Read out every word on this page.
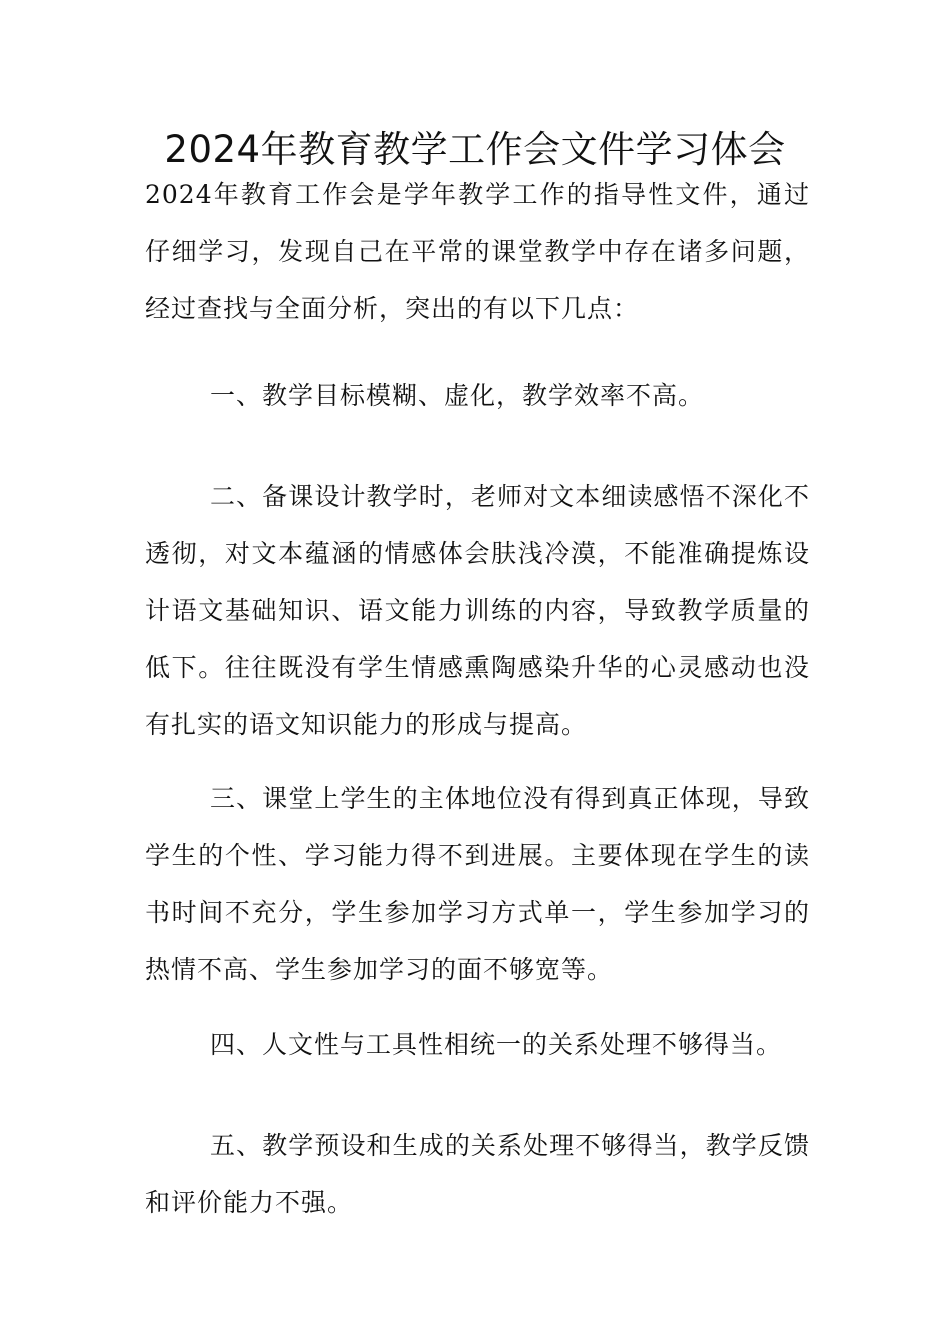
2024年教育教学工作会文件学习体会

2024年教育工作会是学年教学工作的指导性文件，通过仔细学习，发现自己在平常的课堂教学中存在诸多问题，经过查找与全面分析，突出的有以下几点：

一、教学目标模糊、虚化，教学效率不高。

二、备课设计教学时，老师对文本细读感悟不深化不透彻，对文本蕴涵的情感体会肤浅冷漠，不能准确提炼设计语文基础知识、语文能力训练的内容，导致教学质量的低下。往往既没有学生情感熏陶感染升华的心灵感动也没有扎实的语文知识能力的形成与提高。

三、课堂上学生的主体地位没有得到真正体现，导致学生的个性、学习能力得不到进展。主要体现在学生的读书时间不充分，学生参加学习方式单一，学生参加学习的热情不高、学生参加学习的面不够宽等。

四、人文性与工具性相统一的关系处理不够得当。

五、教学预设和生成的关系处理不够得当，教学反馈和评价能力不强。
